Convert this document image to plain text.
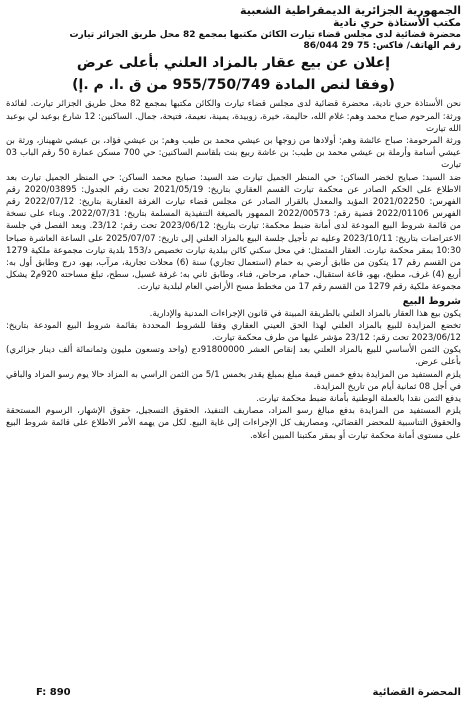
الجمهورية الجزائرية الديمقراطية الشعبية
مكتب الأستاذة حري نادية
محضرة قضائية لدى مجلس قضاء تيارت الكائن مكتبها بمجمع 82 محل طريق الجزائر تيارت
رقم الهاتف/ فاكس: 75 29 86/044
إعلان عن بيع عقار بالمزاد العلني بأعلى عرض
(وفقا لنص المادة 955/750/749 من ق .ا. م .إ)

نحن الأستاذة حري نادية، محضرة قضائية لدى مجلس قضاء تيارت والكائن مكتبها بمجمع 82 محل طريق الجزائر تيارت. لفائدة ورثة: المرحوم صباح محمد وهم: غلام الله، حاليمة، خيرة، زوبيدة، يمينة، نعيمة، فتيحة، جمال. الساكنين: 12 شارع بوعبد لي بوعبد الله تيارت

ورثة المرحومة: صباح عائشة وهم: أولادها من زوجها بن عيشي محمد بن طيب وهم: بن عيشي فؤاد، بن عيشي شهيناز، ورثة بن عيشي أسامة وأرملة بن عيشي محمد بن طيب: بن عاشة ربيع بنت بلقاسم الساكنين: حي 700 مسكن عمارة 50 رقم الباب 03 تيارت

ضد السيد: صبايح لخضر الساكن: حي المنظر الجميل تيارت ضد السيد: صبايح محمد الساكن: حي المنظر الجميل تيارت بعد الاطلاع على الحكم الصادر عن محكمة تيارت القسم العقاري بتاريخ: 2021/05/19 تحت رقم الجدول: 2020/03895 رقم الفهرس: 2021/02250 المؤيد والمعدل بالقرار الصادر عن مجلس قضاء تيارت الغرفة العقارية بتاريخ: 2022/07/12 رقم الفهرس 2022/01106 قضية رقم: 2022/00573 الممهور بالصيغة التنفيذية المسلمة بتاريخ: 2022/07/31. وبناء على نسخة من قائمة شروط البيع المودعة لدى أمانة ضبط محكمة: تيارت بتاريخ: 2023/06/12 تحت رقم: 23/12. وبعد الفصل في جلسة الاعتراضات بتاريخ: 2023/10/11 وعليه تم تأجيل جلسة البيع بالمزاد العلني إلى تاريخ: 2025/07/07 على الساعة العاشرة صباحا 10:30 بمقر محكمة تيارت. العقار المتمثل: في محل سكني كائن ببلدية تيارت تخصيص د/153 بلدية تيارت مجموعة ملكية 1279 من القسم رقم 17 يتكون من طابق أرضي به حمام (استعمال تجاري) سنة (6) محلات تجارية، مرآب، بهو، درج وطابق أول به: أربع (4) غرف، مطبخ، بهو، قاعة استقبال، حمام، مرحاض، فناء، وطابق ثاني به: غرفة غسيل، سطح، تبلغ مساحته 920م2 يشكل مجموعة ملكية رقم 1279 من القسم رقم 17 من مخطط مسح الأراضي العام لبلدية تيارت.

شروط البيع

يكون بيع هذا العقار بالمزاد العلني بالطريقة المبينة في قانون الإجراءات المدنية والإدارية.

تخضع المزايدة للبيع بالمزاد العلني لهذا الحق العيني العقاري وفقا للشروط المحددة بقائمة شروط البيع المودعة بتاريخ: 2023/06/12 تحت رقم: 23/12 مؤشر عليها من طرف محكمة تيارت.

يكون الثمن الأساسي للبيع بالمزاد العلني بعد إنقاص العشر 91800000دج (واحد وتسعون مليون وثمانمائة ألف دينار جزائري) بأعلى عرض.

يلزم المستفيد من المزايدة بدفع خمس قيمة مبلغ بمبلغ يقدر بخمس 5/1 من الثمن الراسي به المزاد حالا يوم رسو المزاد والباقي في أجل 08 ثمانية أيام من تاريخ المزايدة.

يدفع الثمن نقدا بالعملة الوطنية بأمانة ضبط محكمة تيارت.

يلزم المستفيد من المزايدة بدفع مبالغ رسو المزاد، مصاريف التنفيذ، الحقوق التسجيل، حقوق الإشهار، الرسوم المستحقة والحقوق التناسبية للمحضر القضائي، ومصاريف كل الإجراءات إلى غاية البيع. لكل من يهمه الأمر الاطلاع على قائمة شروط البيع على مستوى أمانة محكمة تيارت أو بمقر مكتبنا المبين أعلاه.

المحضرة القضائية
F: 890
